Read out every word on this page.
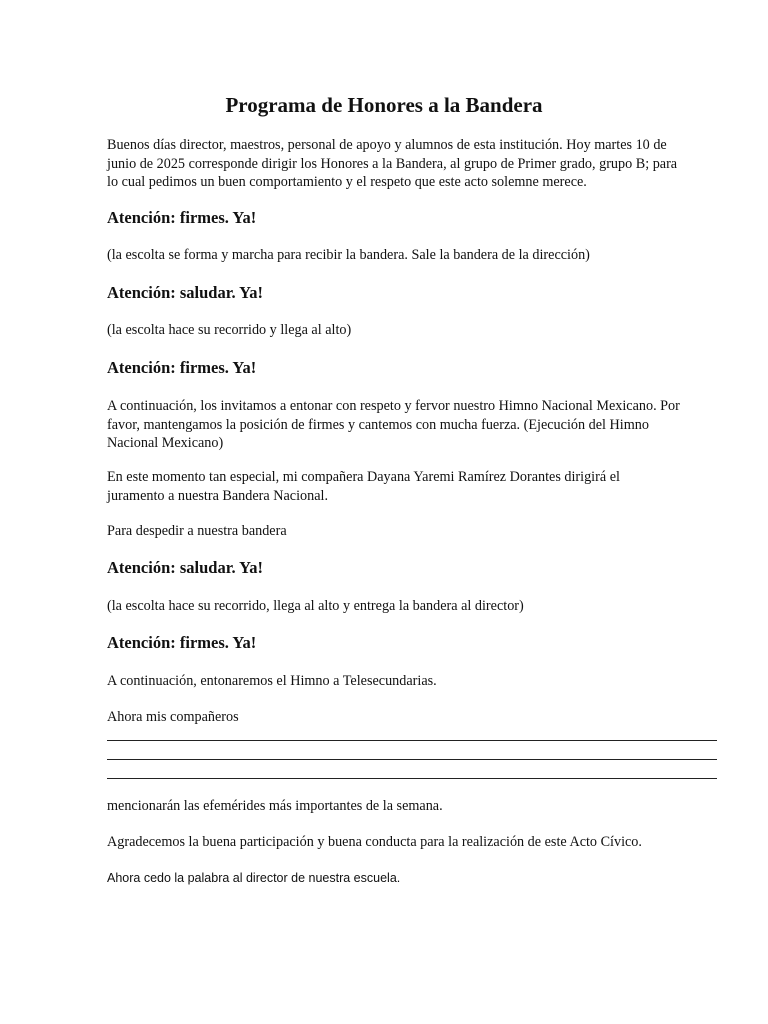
Programa de Honores a la Bandera

Buenos días director, maestros, personal de apoyo y alumnos de esta institución. Hoy martes 10 de
junio de 2025 corresponde dirigir los Honores a la Bandera, al grupo de Primer grado, grupo B; para
lo cual pedimos un buen comportamiento y el respeto que este acto solemne merece.

Atención: firmes. Ya!

(la escolta se forma y marcha para recibir la bandera. Sale la bandera de la dirección)

Atención: saludar. Ya!

(la escolta hace su recorrido y llega al alto)

Atención: firmes. Ya!

A continuación, los invitamos a entonar con respeto y fervor nuestro Himno Nacional Mexicano. Por
favor, mantengamos la posición de firmes y cantemos con mucha fuerza. (Ejecución del Himno
Nacional Mexicano)

En este momento tan especial, mi compañera Dayana Yaremi Ramírez Dorantes dirigirá el
juramento a nuestra Bandera Nacional.

Para despedir a nuestra bandera

Atención: saludar. Ya!

(la escolta hace su recorrido, llega al alto y entrega la bandera al director)

Atención: firmes. Ya!

A continuación, entonaremos el Himno a Telesecundarias.

Ahora mis compañeros

mencionarán las efemérides más importantes de la semana.

Agradecemos la buena participación y buena conducta para la realización de este Acto Cívico.

Ahora cedo la palabra al director de nuestra escuela.
